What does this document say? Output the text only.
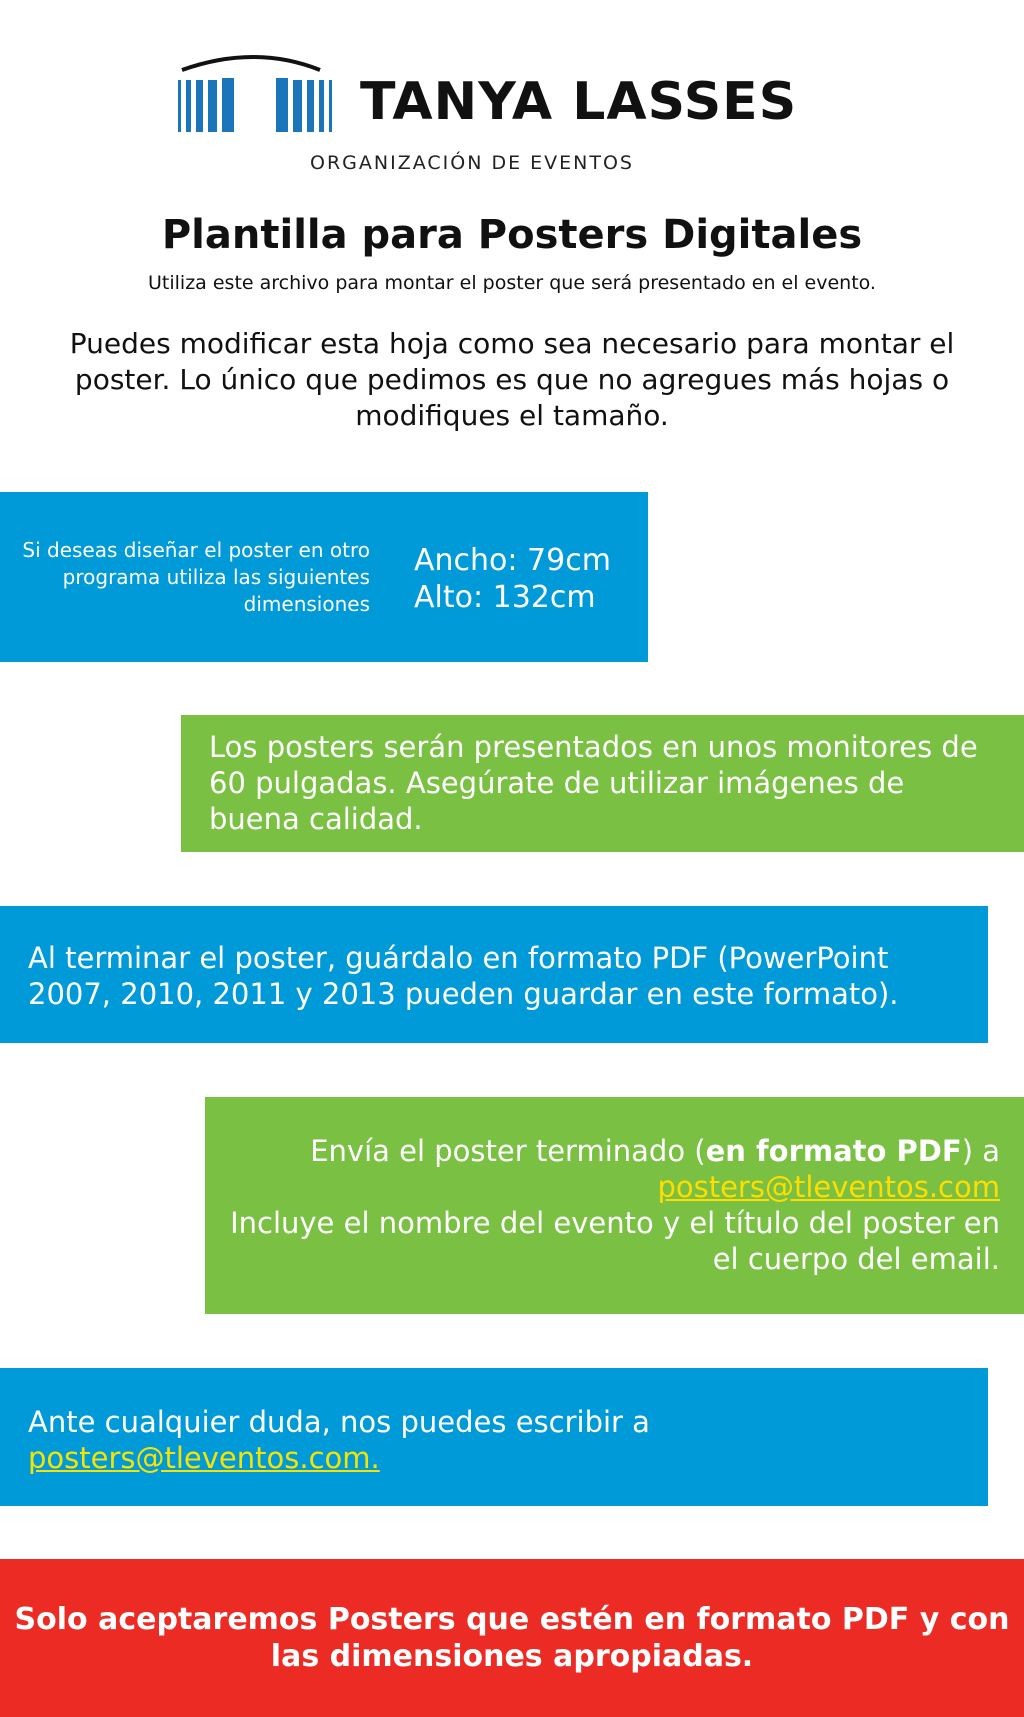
TANYA LASSES
ORGANIZACIÓN DE EVENTOS
Plantilla para Posters Digitales
Utiliza este archivo para montar el poster que será presentado en el evento.
Puedes modificar esta hoja como sea necesario para montar el poster. Lo único que pedimos es que no agregues más hojas o modifiques el tamaño.
Si deseas diseñar el poster en otro programa utiliza las siguientes dimensiones
Ancho: 79cm
Alto: 132cm
Los posters serán presentados en unos monitores de 60 pulgadas. Asegúrate de utilizar imágenes de buena calidad.
Al terminar el poster, guárdalo en formato PDF (PowerPoint 2007, 2010, 2011 y 2013 pueden guardar en este formato).
Envía el poster terminado (en formato PDF) a
posters@tleventos.com
Incluye el nombre del evento y el título del poster en el cuerpo del email.
Ante cualquier duda, nos puedes escribir a
posters@tleventos.com.
Solo aceptaremos Posters que estén en formato PDF y con las dimensiones apropiadas.
